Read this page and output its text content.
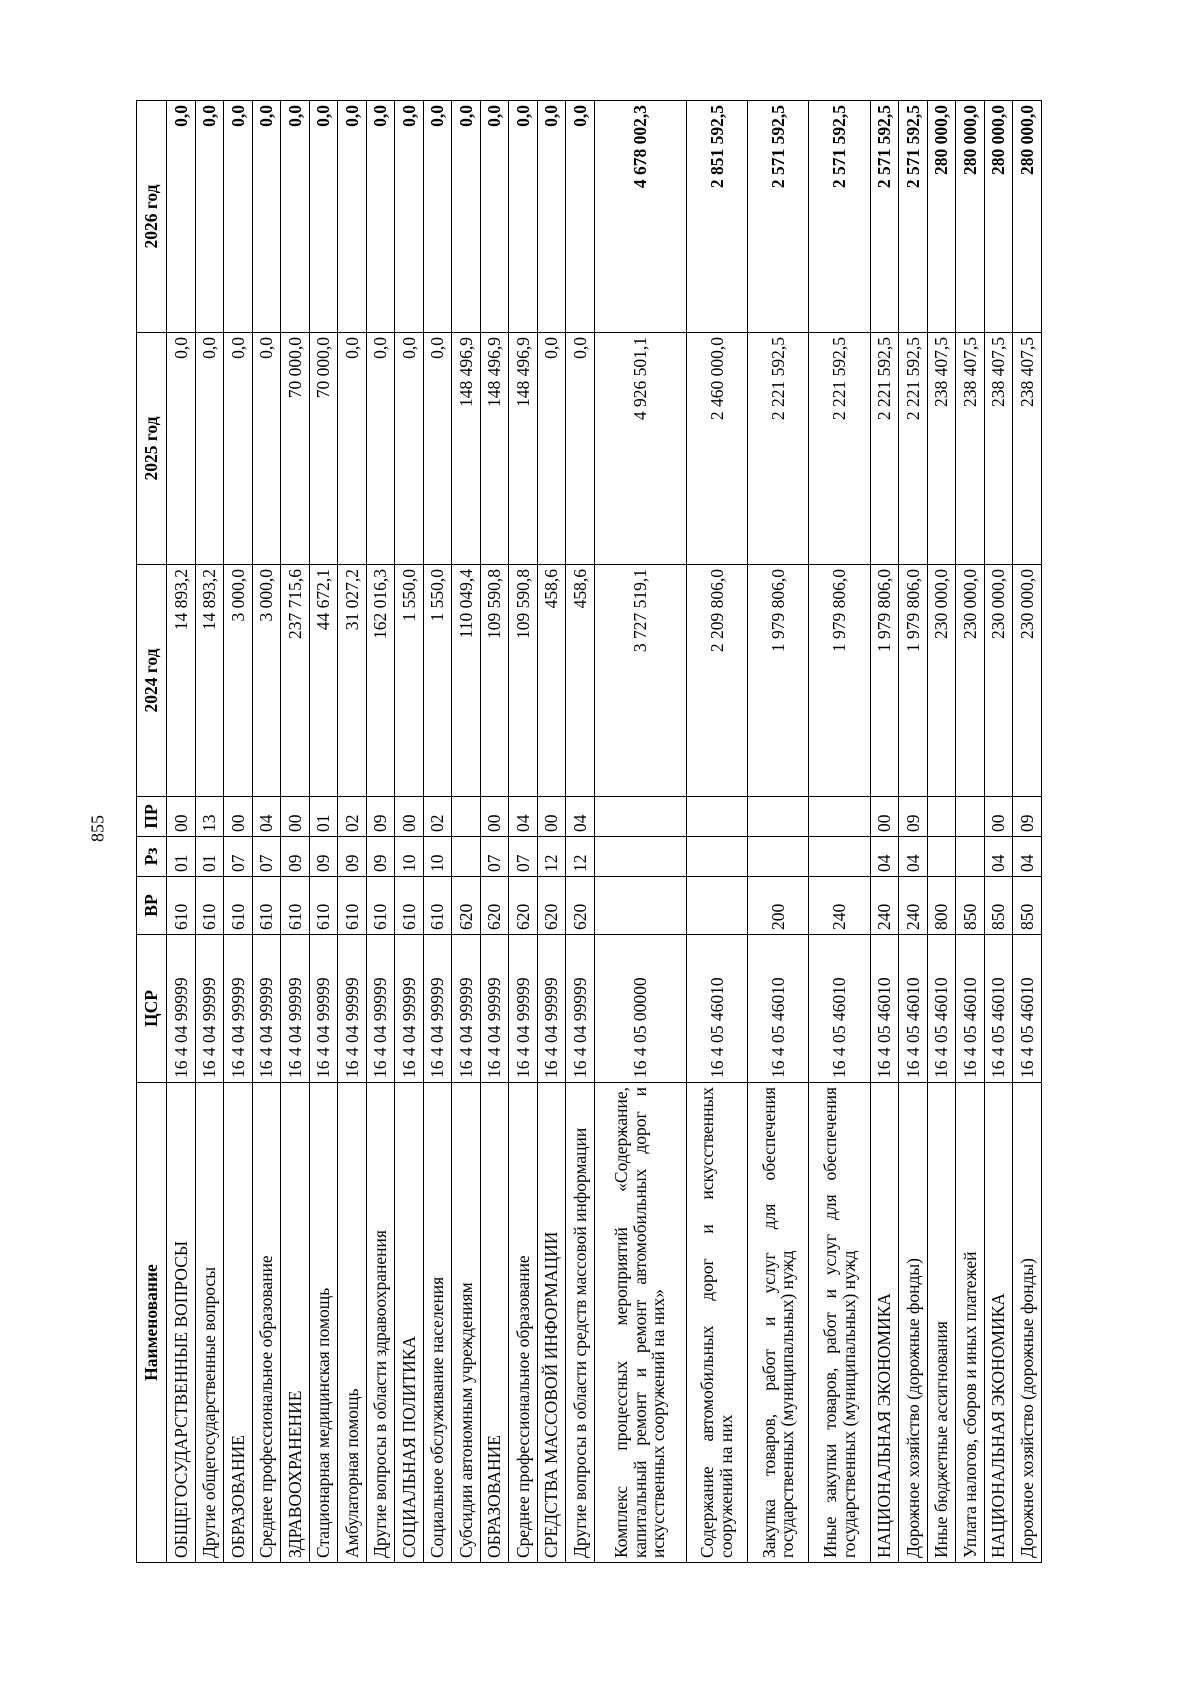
855
Наименование	ЦСР	ВР	Рз	ПР	2024 год	2025 год	2026 год
ОБЩЕГОСУДАРСТВЕННЫЕ ВОПРОСЫ	16 4 04 99999	610	01	00	14 893,2	0,0	0,0
Другие общегосударственные вопросы	16 4 04 99999	610	01	13	14 893,2	0,0	0,0
ОБРАЗОВАНИЕ	16 4 04 99999	610	07	00	3 000,0	0,0	0,0
Среднее профессиональное образование	16 4 04 99999	610	07	04	3 000,0	0,0	0,0
ЗДРАВООХРАНЕНИЕ	16 4 04 99999	610	09	00	237 715,6	70 000,0	0,0
Стационарная медицинская помощь	16 4 04 99999	610	09	01	44 672,1	70 000,0	0,0
Амбулаторная помощь	16 4 04 99999	610	09	02	31 027,2	0,0	0,0
Другие вопросы в области здравоохранения	16 4 04 99999	610	09	09	162 016,3	0,0	0,0
СОЦИАЛЬНАЯ ПОЛИТИКА	16 4 04 99999	610	10	00	1 550,0	0,0	0,0
Социальное обслуживание населения	16 4 04 99999	610	10	02	1 550,0	0,0	0,0
Субсидии автономным учреждениям	16 4 04 99999	620			110 049,4	148 496,9	0,0
ОБРАЗОВАНИЕ	16 4 04 99999	620	07	00	109 590,8	148 496,9	0,0
Среднее профессиональное образование	16 4 04 99999	620	07	04	109 590,8	148 496,9	0,0
СРЕДСТВА МАССОВОЙ ИНФОРМАЦИИ	16 4 04 99999	620	12	00	458,6	0,0	0,0
Другие вопросы в области средств массовой информации	16 4 04 99999	620	12	04	458,6	0,0	0,0
Комплекс процессных мероприятий «Содержание, капитальный ремонт и ремонт автомобильных дорог и искусственных сооружений на них»	16 4 05 00000				3 727 519,1	4 926 501,1	4 678 002,3
Содержание автомобильных дорог и искусственных сооружений на них	16 4 05 46010				2 209 806,0	2 460 000,0	2 851 592,5
Закупка товаров, работ и услуг для обеспечения государственных (муниципальных) нужд	16 4 05 46010	200			1 979 806,0	2 221 592,5	2 571 592,5
Иные закупки товаров, работ и услуг для обеспечения государственных (муниципальных) нужд	16 4 05 46010	240			1 979 806,0	2 221 592,5	2 571 592,5
НАЦИОНАЛЬНАЯ ЭКОНОМИКА	16 4 05 46010	240	04	00	1 979 806,0	2 221 592,5	2 571 592,5
Дорожное хозяйство (дорожные фонды)	16 4 05 46010	240	04	09	1 979 806,0	2 221 592,5	2 571 592,5
Иные бюджетные ассигнования	16 4 05 46010	800			230 000,0	238 407,5	280 000,0
Уплата налогов, сборов и иных платежей	16 4 05 46010	850			230 000,0	238 407,5	280 000,0
НАЦИОНАЛЬНАЯ ЭКОНОМИКА	16 4 05 46010	850	04	00	230 000,0	238 407,5	280 000,0
Дорожное хозяйство (дорожные фонды)	16 4 05 46010	850	04	09	230 000,0	238 407,5	280 000,0
